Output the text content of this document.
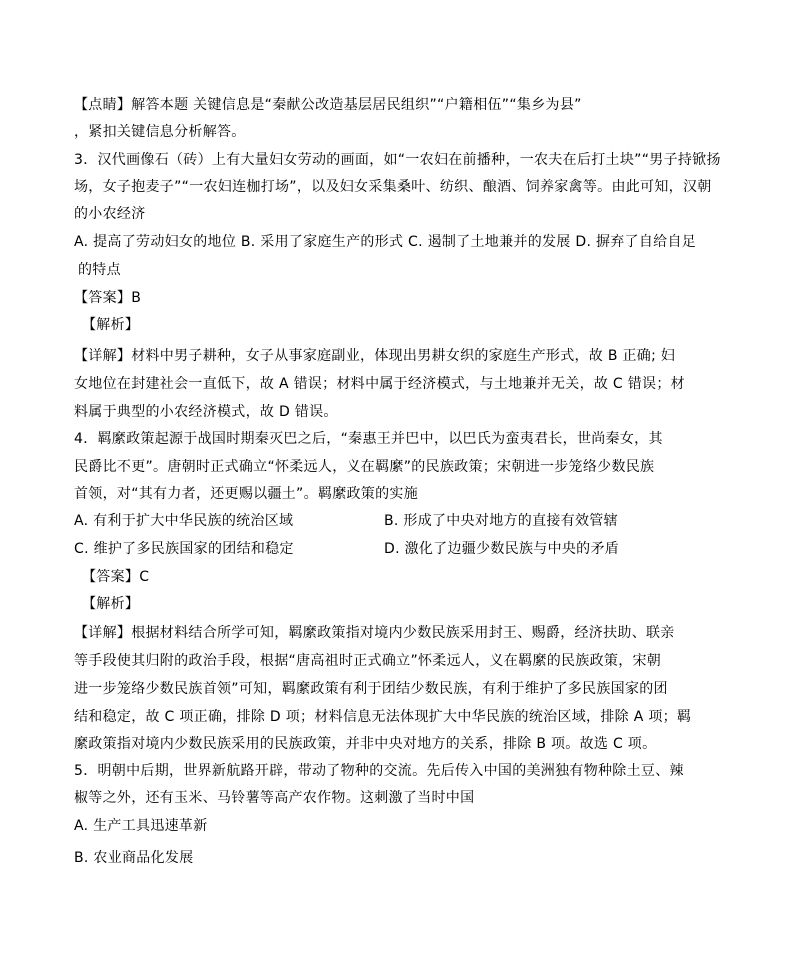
【点睛】解答本题 关键信息是“秦献公改造基层居民组织”“户籍相伍”“集乡为县”
，紧扣关键信息分析解答。
3．汉代画像石（砖）上有大量妇女劳动的画面，如“一农妇在前播种，一农夫在后打土块”“男子持锨扬
场，女子抱麦子”“一农妇连枷打场”，以及妇女采集桑叶、纺织、酿酒、饲养家禽等。由此可知，汉朝
的小农经济
A. 提高了劳动妇女的地位 B. 采用了家庭生产的形式 C. 遏制了土地兼并的发展 D. 摒弃了自给自足
的特点
【答案】B
【解析】
【详解】材料中男子耕种，女子从事家庭副业，体现出男耕女织的家庭生产形式，故 B 正确; 妇
女地位在封建社会一直低下，故 A 错误；材料中属于经济模式，与土地兼并无关，故 C 错误；材
料属于典型的小农经济模式，故 D 错误。
4．羁縻政策起源于战国时期秦灭巴之后，“秦惠王并巴中，以巴氏为蛮夷君长，世尚秦女，其
民爵比不更”。唐朝时正式确立“怀柔远人，义在羁縻”的民族政策；宋朝进一步笼络少数民族
首领，对“其有力者，还更赐以疆土”。羁縻政策的实施
A. 有利于扩大中华民族的统治区域	B. 形成了中央对地方的直接有效管辖
C. 维护了多民族国家的团结和稳定	D. 激化了边疆少数民族与中央的矛盾
【答案】C
【解析】
【详解】根据材料结合所学可知，羁縻政策指对境内少数民族采用封王、赐爵，经济扶助、联亲
等手段使其归附的政治手段，根据“唐高祖时正式确立”怀柔远人，义在羁縻的民族政策，宋朝
进一步笼络少数民族首领”可知，羁縻政策有利于团结少数民族，有利于维护了多民族国家的团
结和稳定，故 C 项正确，排除 D 项；材料信息无法体现扩大中华民族的统治区域，排除 A 项；羁
縻政策指对境内少数民族采用的民族政策，并非中央对地方的关系，排除 B 项。故选 C 项。
5．明朝中后期，世界新航路开辟，带动了物种的交流。先后传入中国的美洲独有物种除土豆、辣
椒等之外，还有玉米、马铃薯等高产农作物。这刺激了当时中国
A. 生产工具迅速革新
B. 农业商品化发展
